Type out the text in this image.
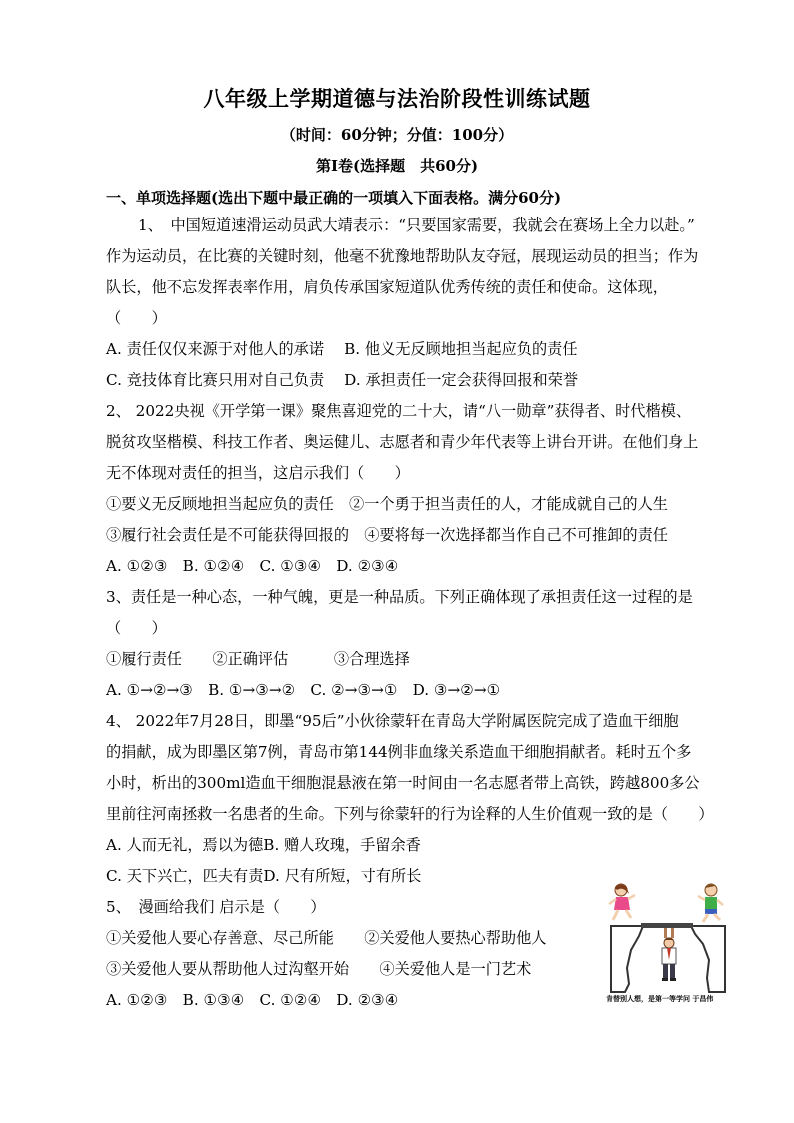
八年级上学期道德与法治阶段性训练试题
（时间：60分钟；分值：100分）
第Ⅰ卷(选择题　共60分)
一、单项选择题(选出下题中最正确的一项填入下面表格。满分60分)
1、　中国短道速滑运动员武大靖表示：“只要国家需要，我就会在赛场上全力以赴。”
作为运动员，在比赛的关键时刻，他毫不犹豫地帮助队友夺冠，展现运动员的担当；作为
队长，他不忘发挥表率作用，肩负传承国家短道队优秀传统的责任和使命。这体现，
（　　）
A. 责任仅仅来源于对他人的承诺　 B. 他义无反顾地担当起应负的责任
C. 竞技体育比赛只用对自己负责　 D. 承担责任一定会获得回报和荣誉
2、 2022央视《开学第一课》聚焦喜迎党的二十大，请“八一勋章”获得者、时代楷模、
脱贫攻坚楷模、科技工作者、奥运健儿、志愿者和青少年代表等上讲台开讲。在他们身上
无不体现对责任的担当，这启示我们（　　）
①要义无反顾地担当起应负的责任　②一个勇于担当责任的人，才能成就自己的人生
③履行社会责任是不可能获得回报的　④要将每一次选择都当作自己不可推卸的责任
A. ①②③　B. ①②④　C. ①③④　D. ②③④
3、责任是一种心态，一种气魄，更是一种品质。下列正确体现了承担责任这一过程的是
（　　）
①履行责任　　②正确评估　　　③合理选择
A. ①→②→③　B. ①→③→②　C. ②→③→①　D. ③→②→①
4、 2022年7月28日，即墨“95后”小伙徐蒙轩在青岛大学附属医院完成了造血干细胞
的捐献，成为即墨区第7例，青岛市第144例非血缘关系造血干细胞捐献者。耗时五个多
小时，析出的300ml造血干细胞混悬液在第一时间由一名志愿者带上高铁，跨越800多公
里前往河南拯救一名患者的生命。下列与徐蒙轩的行为诠释的人生价值观一致的是（　　）
A. 人而无礼，焉以为德B. 赠人玫瑰，手留余香
C. 天下兴亡，匹夫有责D. 尺有所短，寸有所长
5、　漫画给我们 启示是（　　）
①关爱他人要心存善意、尽己所能　　②关爱他人要热心帮助他人
③关爱他人要从帮助他人过沟壑开始　　④关爱他人是一门艺术
A. ①②③　B. ①③④　C. ①②④　D. ②③④	肯替别人想，是第一等学问 于昌伟
